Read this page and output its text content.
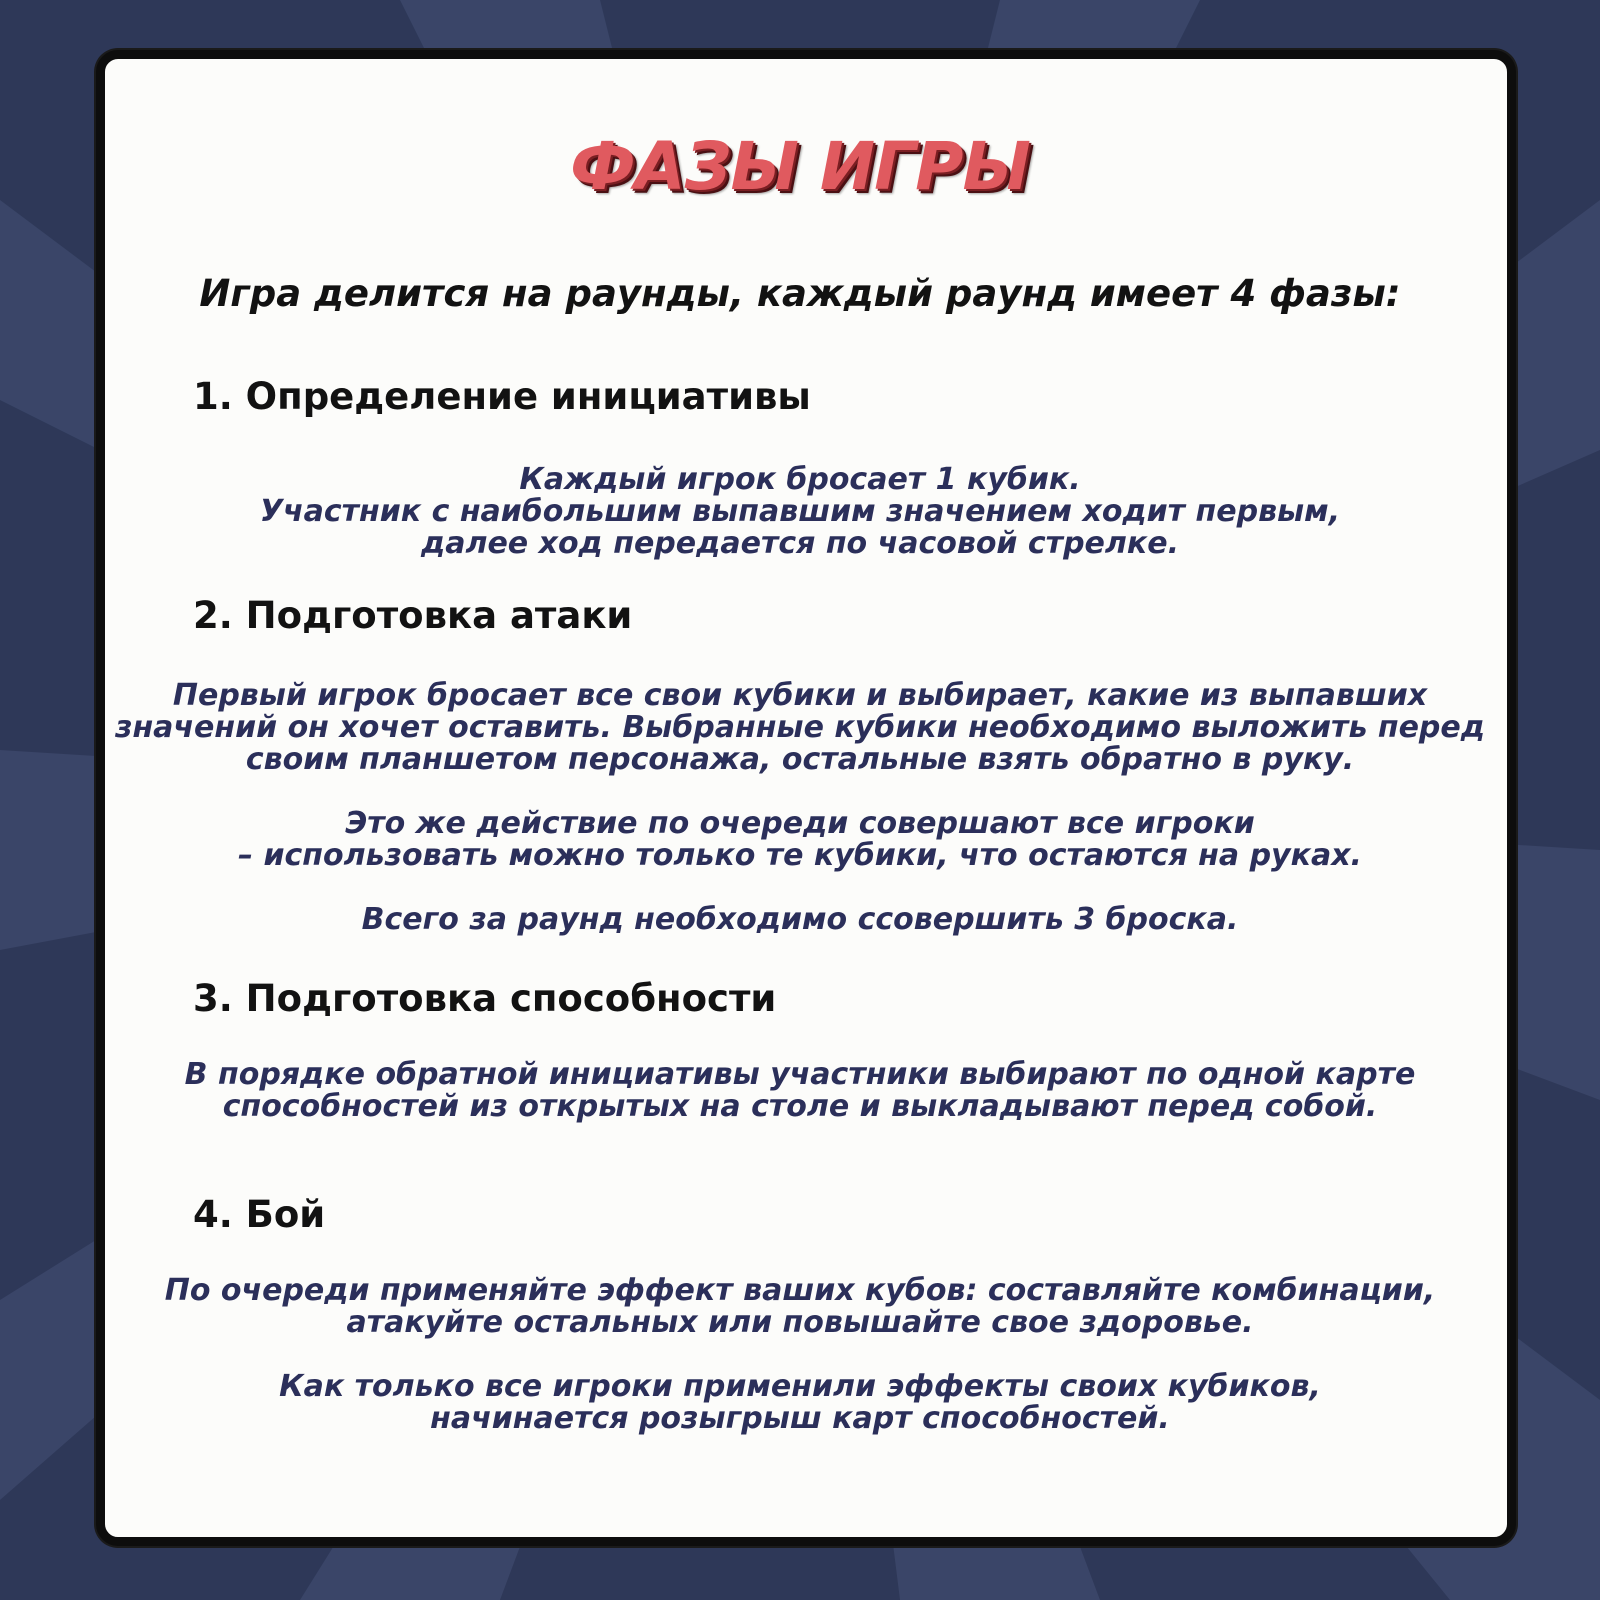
ФАЗЫ ИГРЫ
Игра делится на раунды, каждый раунд имеет 4 фазы:
1. Определение инициативы
Каждый игрок бросает 1 кубик.
Участник с наибольшим выпавшим значением ходит первым,
далее ход передается по часовой стрелке.
2. Подготовка атаки
Первый игрок бросает все свои кубики и выбирает, какие из выпавших
значений он хочет оставить. Выбранные кубики необходимо выложить перед
своим планшетом персонажа, остальные взять обратно в руку.
Это же действие по очереди совершают все игроки
– использовать можно только те кубики, что остаются на руках.
Всего за раунд необходимо ссовершить 3 броска.
3. Подготовка способности
В порядке обратной инициативы участники выбирают по одной карте
способностей из открытых на столе и выкладывают перед собой.
4. Бой
По очереди применяйте эффект ваших кубов: составляйте комбинации,
атакуйте остальных или повышайте свое здоровье.
Как только все игроки применили эффекты своих кубиков,
начинается розыгрыш карт способностей.
